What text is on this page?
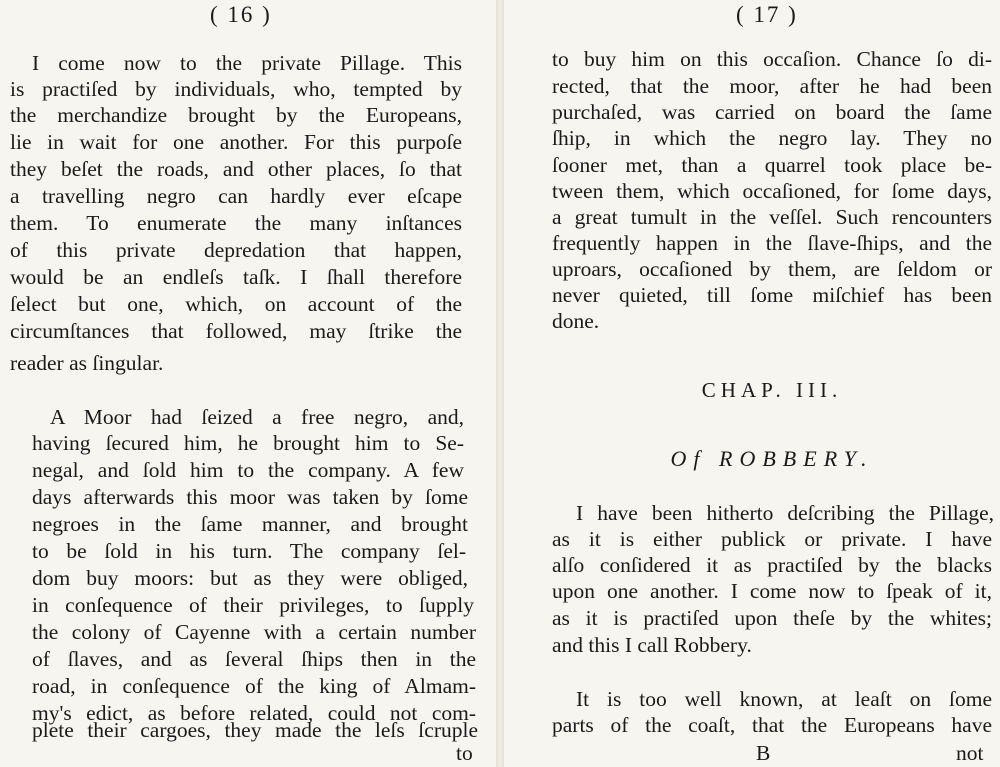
( 16 )
I come now to the private Pillage. This
is practiſed by individuals, who, tempted by
the merchandize brought by the Europeans,
lie in wait for one another. For this purpoſe
they beſet the roads, and other places, ſo that
a travelling negro can hardly ever eſcape
them. To enumerate the many inſtances
of this private depredation that happen,
would be an endleſs taſk. I ſhall therefore
ſelect but one, which, on account of the
circumſtances that followed, may ſtrike the
reader as ſingular.
A Moor had ſeized a free negro, and,
having ſecured him, he brought him to Se-
negal, and ſold him to the company. A few
days afterwards this moor was taken by ſome
negroes in the ſame manner, and brought
to be ſold in his turn. The company ſel-
dom buy moors: but as they were obliged,
in conſequence of their privileges, to ſupply
the colony of Cayenne with a certain number
of ſlaves, and as ſeveral ſhips then in the
road, in conſequence of the king of Almam-
my's edict, as before related, could not com-
plete their cargoes, they made the leſs ſcruple
to
( 17 )
to buy him on this occaſion. Chance ſo di-
rected, that the moor, after he had been
purchaſed, was carried on board the ſame
ſhip, in which the negro lay. They no
ſooner met, than a quarrel took place be-
tween them, which occaſioned, for ſome days,
a great tumult in the veſſel. Such rencounters
frequently happen in the ſlave-ſhips, and the
uproars, occaſioned by them, are ſeldom or
never quieted, till ſome miſchief has been
done.
CHAP. III.
Of ROBBERY.
I have been hitherto deſcribing the Pillage,
as it is either publick or private. I have
alſo conſidered it as practiſed by the blacks
upon one another. I come now to ſpeak of it,
as it is practiſed upon theſe by the whites;
and this I call Robbery.
It is too well known, at leaſt on ſome
parts of the coaſt, that the Europeans have
B	not
